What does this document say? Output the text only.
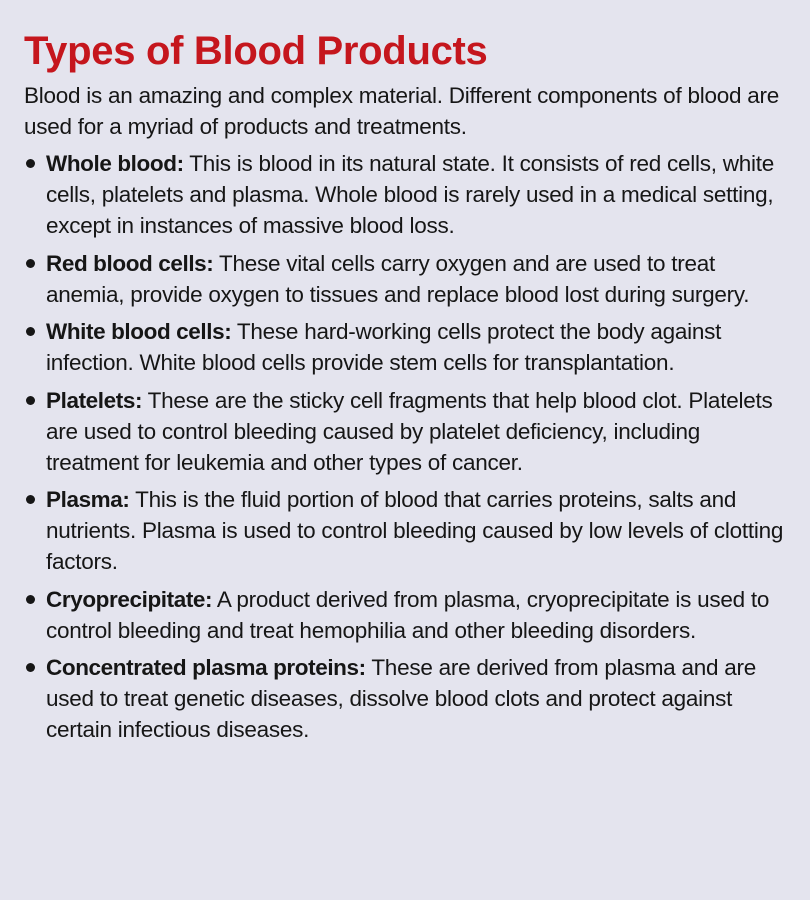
Types of Blood Products

Blood is an amazing and complex material. Different components of blood are used for a myriad of products and treatments.

Whole blood: This is blood in its natural state. It consists of red cells, white cells, platelets and plasma. Whole blood is rarely used in a medical setting, except in instances of massive blood loss.
Red blood cells: These vital cells carry oxygen and are used to treat anemia, provide oxygen to tissues and replace blood lost during surgery.
White blood cells: These hard-working cells protect the body against infection. White blood cells provide stem cells for transplantation.
Platelets: These are the sticky cell fragments that help blood clot. Platelets are used to control bleeding caused by platelet deficiency, including treatment for leukemia and other types of cancer.
Plasma: This is the fluid portion of blood that carries proteins, salts and nutrients. Plasma is used to control bleeding caused by low levels of clotting factors.
Cryoprecipitate: A product derived from plasma, cryoprecipitate is used to control bleeding and treat hemophilia and other bleeding disorders.
Concentrated plasma proteins: These are derived from plasma and are used to treat genetic diseases, dissolve blood clots and protect against certain infectious diseases.
